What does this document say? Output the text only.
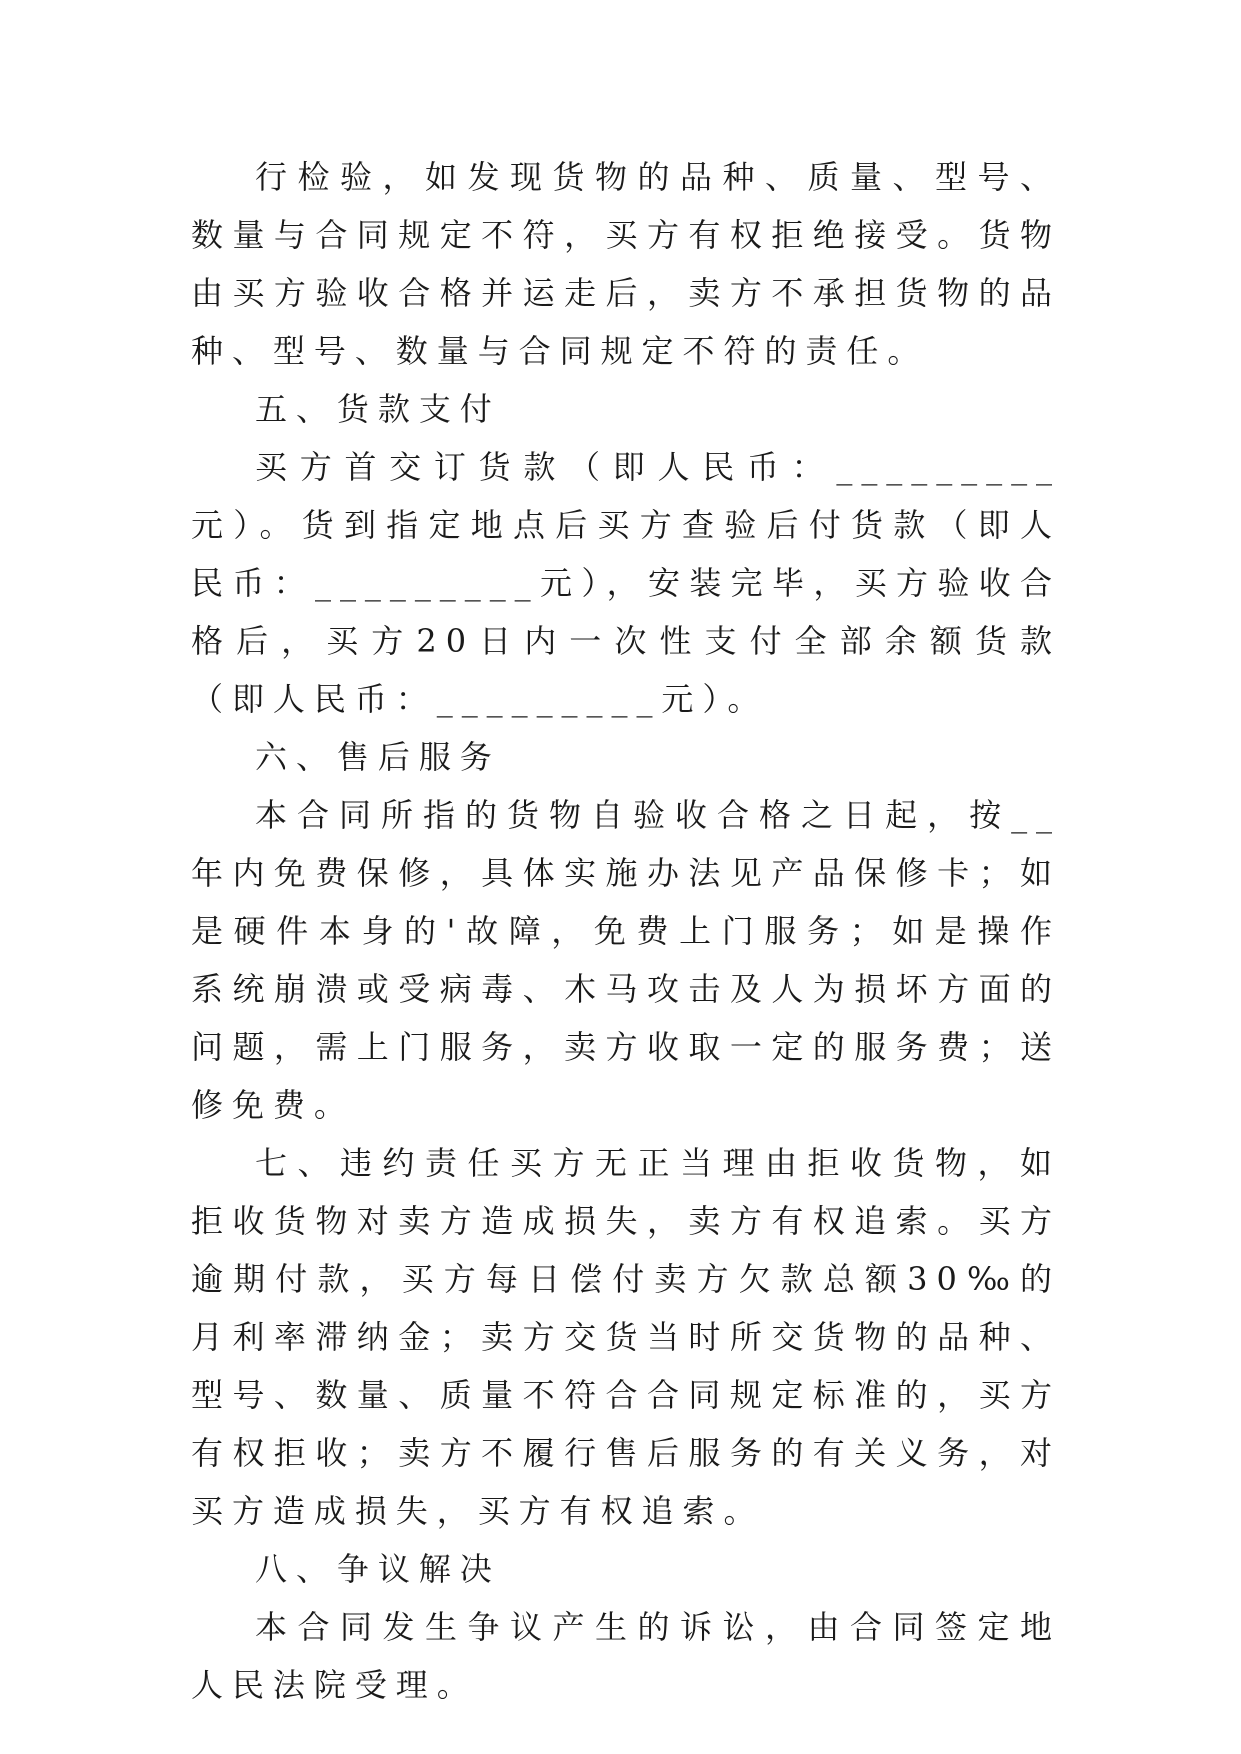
行检验，如发现货物的品种、质量、型号、数量与合同规定不符，买方有权拒绝接受。货物由买方验收合格并运走后，卖方不承担货物的品种、型号、数量与合同规定不符的责任。

五、货款支付

买方首交订货款（即人民币：_________元）。货到指定地点后买方查验后付货款（即人民币：_________元），安装完毕，买方验收合格后，买方20日内一次性支付全部余额货款（即人民币：_________元）。

六、售后服务

本合同所指的货物自验收合格之日起，按__年内免费保修，具体实施办法见产品保修卡；如是硬件本身的'故障，免费上门服务；如是操作系统崩溃或受病毒、木马攻击及人为损坏方面的问题，需上门服务，卖方收取一定的服务费；送修免费。

七、违约责任买方无正当理由拒收货物，如拒收货物对卖方造成损失，卖方有权追索。买方逾期付款，买方每日偿付卖方欠款总额30‰的月利率滞纳金；卖方交货当时所交货物的品种、型号、数量、质量不符合合同规定标准的，买方有权拒收；卖方不履行售后服务的有关义务，对买方造成损失，买方有权追索。

八、争议解决

本合同发生争议产生的诉讼，由合同签定地人民法院受理。
